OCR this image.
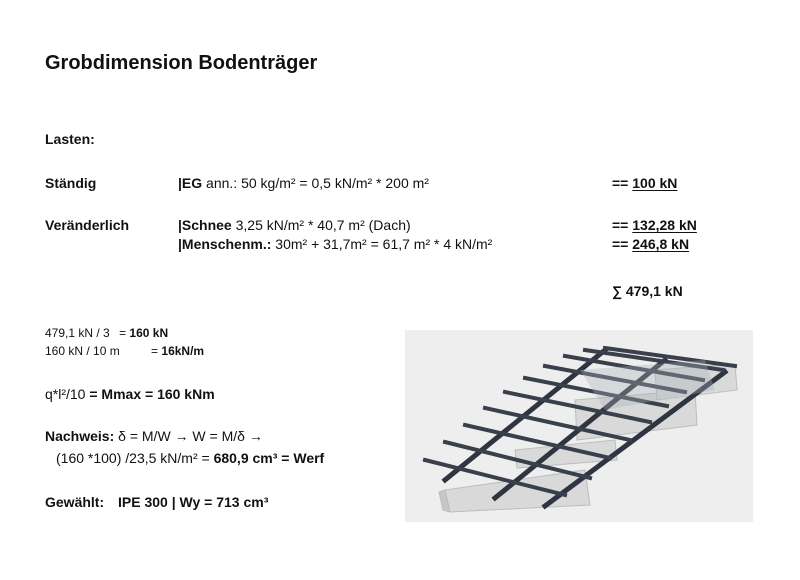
Grobdimension Bodenträger
Lasten:
Ständig	|EG ann.: 50 kg/m² = 0,5 kN/m² * 200 m²	== 100 kN
Veränderlich	|Schnee 3,25 kN/m² * 40,7 m² (Dach)	== 132,28 kN
|Menschenm.: 30m² + 31,7m² = 61,7 m² * 4 kN/m²	== 246,8 kN
∑ 479,1 kN
479,1 kN / 3 = 160 kN
160 kN / 10 m	= 16kN/m
q*l²/10 = Mmax = 160 kNm
Nachweis: δ = M/W → W = M/δ →
(160 *100) /23,5 kN/m² = 680,9 cm³ = Werf
Gewählt: IPE 300 | Wy = 713 cm³
